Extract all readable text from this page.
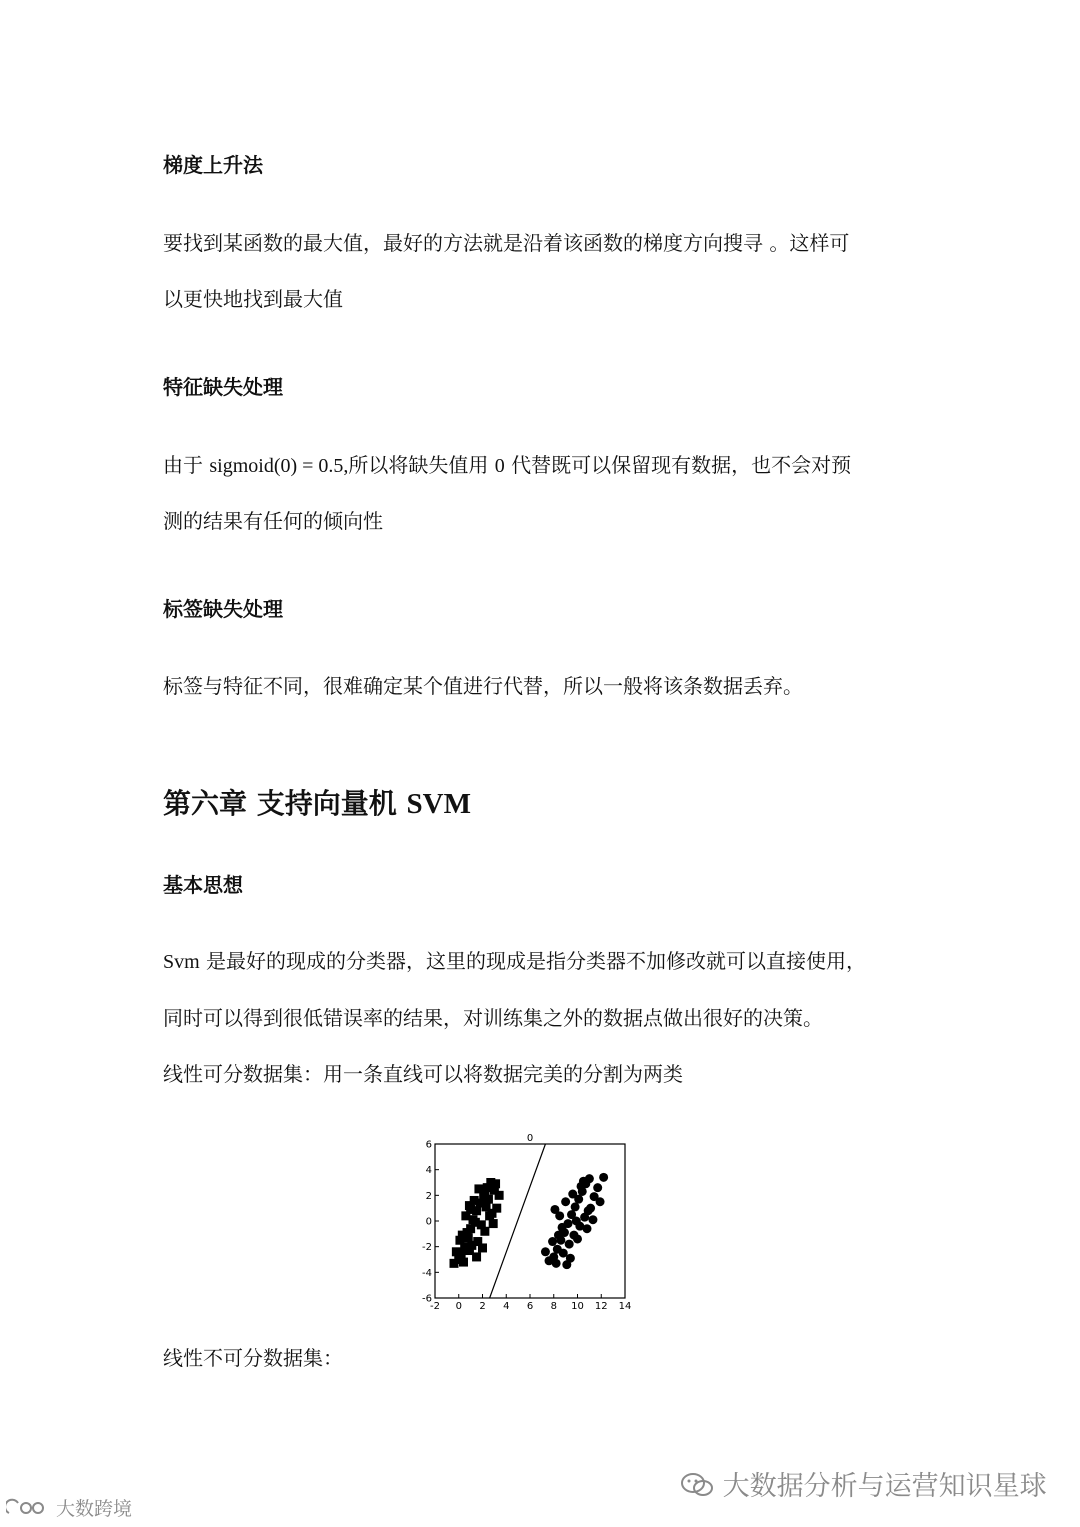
梯度上升法
要找到某函数的最大值，最好的方法就是沿着该函数的梯度方向搜寻 。这样可
以更快地找到最大值
特征缺失处理
由于 sigmoid(0) = 0.5,所以将缺失值用 0 代替既可以保留现有数据，也不会对预
测的结果有任何的倾向性
标签缺失处理
标签与特征不同，很难确定某个值进行代替，所以一般将该条数据丢弃。
第六章 支持向量机 SVM
基本思想
Svm 是最好的现成的分类器，这里的现成是指分类器不加修改就可以直接使用，
同时可以得到很低错误率的结果，对训练集之外的数据点做出很好的决策。
线性可分数据集：用一条直线可以将数据完美的分割为两类
-2 0 2 4 6 8 10 12 14
6
4
2
0
-2
-4
-6
0
线性不可分数据集：
大数据分析与运营知识星球
大数跨境
